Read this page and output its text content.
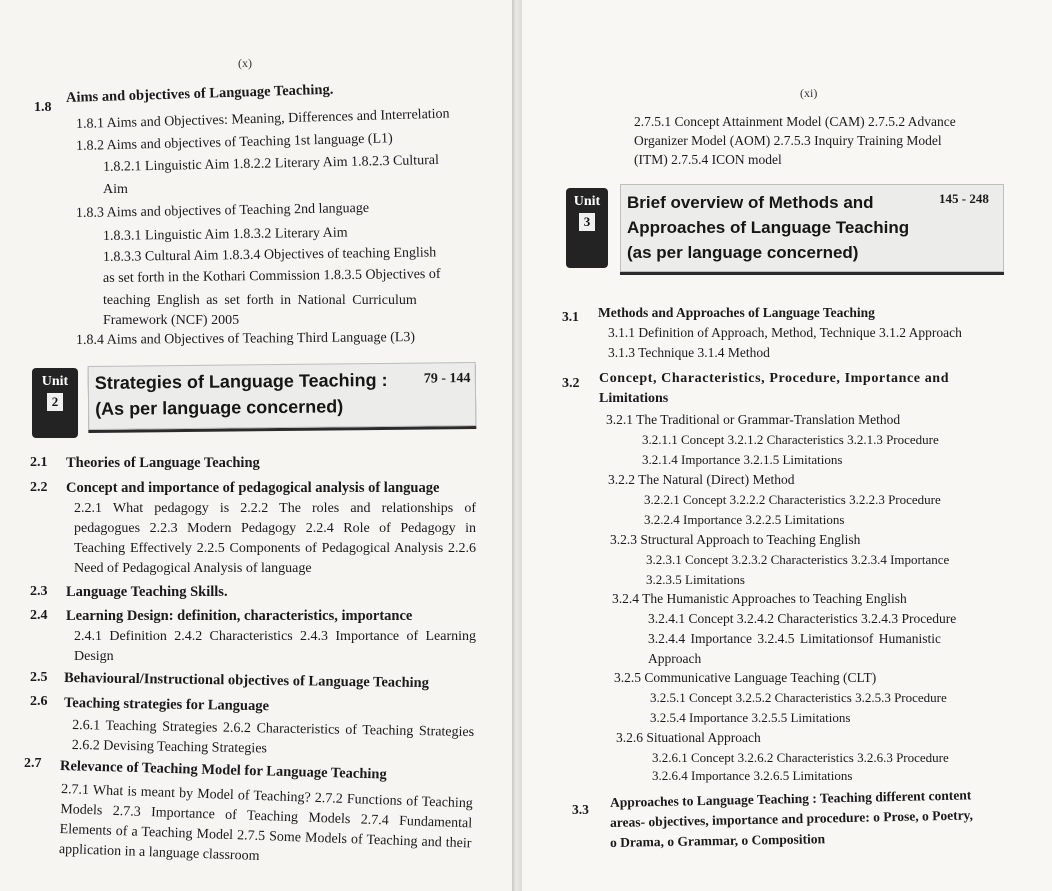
(x)
1.8
Aims and objectives of Language Teaching.
1.8.1 Aims and Objectives: Meaning, Differences and Interrelation
1.8.2 Aims and objectives of Teaching 1st language (L1)
1.8.2.1 Linguistic Aim 1.8.2.2 Literary Aim 1.8.2.3 Cultural
Aim
1.8.3 Aims and objectives of Teaching 2nd language
1.8.3.1 Linguistic Aim 1.8.3.2 Literary Aim
1.8.3.3 Cultural Aim 1.8.3.4 Objectives of teaching English
as set forth in the Kothari Commission 1.8.3.5 Objectives of
teaching English as set forth in National Curriculum
Framework (NCF) 2005
1.8.4 Aims and Objectives of Teaching Third Language (L3)
Strategies of Language Teaching :
(As per language concerned)
79 - 144
Unit
2
2.1 Theories of Language Teaching
2.2 Concept and importance of pedagogical analysis of language
2.2.1 What pedagogy is 2.2.2 The roles and relationships of pedagogues 2.2.3 Modern Pedagogy 2.2.4 Role of Pedagogy in Teaching Effectively 2.2.5 Components of Pedagogical Analysis 2.2.6 Need of Pedagogical Analysis of language
2.3 Language Teaching Skills.
2.4 Learning Design: definition, characteristics, importance
2.4.1 Definition 2.4.2 Characteristics 2.4.3 Importance of Learning Design
2.5 Behavioural/Instructional objectives of Language Teaching
2.6 Teaching strategies for Language
2.6.1 Teaching Strategies 2.6.2 Characteristics of Teaching Strategies 2.6.2 Devising Teaching Strategies
2.7 Relevance of Teaching Model for Language Teaching
2.7.1 What is meant by Model of Teaching? 2.7.2 Functions of Teaching Models 2.7.3 Importance of Teaching Models 2.7.4 Fundamental Elements of a Teaching Model 2.7.5 Some Models of Teaching and their application in a language classroom
(xi)
2.7.5.1 Concept Attainment Model (CAM) 2.7.5.2 Advance
Organizer Model (AOM) 2.7.5.3 Inquiry Training Model
(ITM) 2.7.5.4 ICON model
Brief overview of Methods and
Approaches of Language Teaching
(as per language concerned)
145 - 248
Unit
3
3.1 Methods and Approaches of Language Teaching
3.1.1 Definition of Approach, Method, Technique 3.1.2 Approach
3.1.3 Technique 3.1.4 Method
3.2 Concept, Characteristics, Procedure, Importance and
Limitations
3.2.1 The Traditional or Grammar-Translation Method
3.2.1.1 Concept 3.2.1.2 Characteristics 3.2.1.3 Procedure
3.2.1.4 Importance 3.2.1.5 Limitations
3.2.2 The Natural (Direct) Method
3.2.2.1 Concept 3.2.2.2 Characteristics 3.2.2.3 Procedure
3.2.2.4 Importance 3.2.2.5 Limitations
3.2.3 Structural Approach to Teaching English
3.2.3.1 Concept 3.2.3.2 Characteristics 3.2.3.4 Importance
3.2.3.5 Limitations
3.2.4 The Humanistic Approaches to Teaching English
3.2.4.1 Concept 3.2.4.2 Characteristics 3.2.4.3 Procedure
3.2.4.4 Importance 3.2.4.5 Limitationsof Humanistic
Approach
3.2.5 Communicative Language Teaching (CLT)
3.2.5.1 Concept 3.2.5.2 Characteristics 3.2.5.3 Procedure
3.2.5.4 Importance 3.2.5.5 Limitations
3.2.6 Situational Approach
3.2.6.1 Concept 3.2.6.2 Characteristics 3.2.6.3 Procedure
3.2.6.4 Importance 3.2.6.5 Limitations
3.3 Approaches to Language Teaching : Teaching different content
areas- objectives, importance and procedure: o Prose, o Poetry,
o Drama, o Grammar, o Composition
